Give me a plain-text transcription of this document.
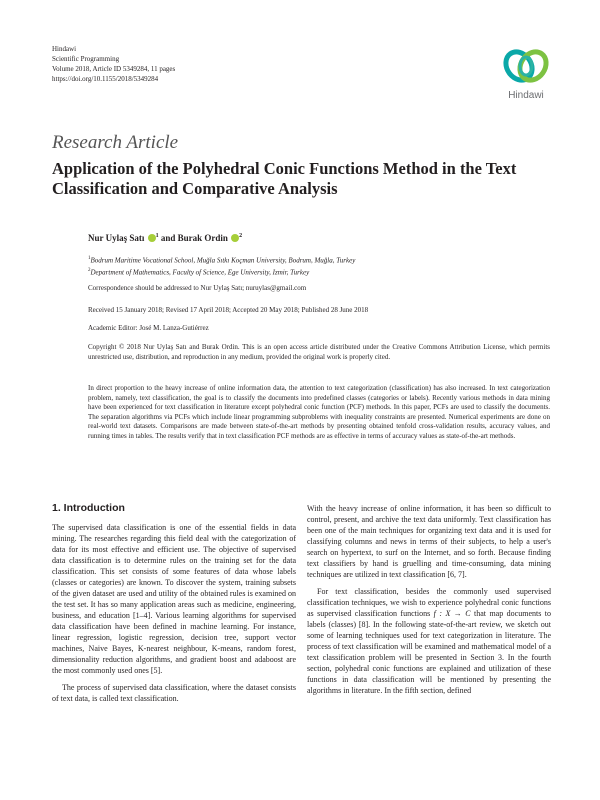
Hindawi
Scientific Programming
Volume 2018, Article ID 5349284, 11 pages
https://doi.org/10.1155/2018/5349284
Hindawi
Research Article
Application of the Polyhedral Conic Functions Method in the Text Classification and Comparative Analysis
Nur Uylaş Satı $^1$ and Burak Ordin $^2$
$^1$Bodrum Maritime Vocational School, Muğla Sıtkı Koçman University, Bodrum, Muğla, Turkey
$^2$Department of Mathematics, Faculty of Science, Ege University, Izmir, Turkey
Correspondence should be addressed to Nur Uylaş Satı; nuruylas@gmail.com
Received 15 January 2018; Revised 17 April 2018; Accepted 20 May 2018; Published 28 June 2018
Academic Editor: José M. Lanza-Gutiérrez
Copyright © 2018 Nur Uylaş Satı and Burak Ordin. This is an open access article distributed under the Creative Commons Attribution License, which permits unrestricted use, distribution, and reproduction in any medium, provided the original work is properly cited.
In direct proportion to the heavy increase of online information data, the attention to text categorization (classification) has also increased. In text categorization problem, namely, text classification, the goal is to classify the documents into predefined classes (categories or labels). Recently various methods in data mining have been experienced for text classification in literature except polyhedral conic function (PCF) methods. In this paper, PCFs are used to classify the documents. The separation algorithms via PCFs which include linear programming subproblems with inequality constraints are presented. Numerical experiments are done on real-world text datasets. Comparisons are made between state-of-the-art methods by presenting obtained tenfold cross-validation results, accuracy values, and running times in tables. The results verify that in text classification PCF methods are as effective in terms of accuracy values as state-of-the-art methods.
1. Introduction

The supervised data classification is one of the essential fields in data mining. The researches regarding this field deal with the categorization of data for its most effective and efficient use. The objective of supervised data classification is to determine rules on the training set for the data classification. This set consists of some features of data whose labels (classes or categories) are known. To discover the system, training subsets of the given dataset are used and utility of the obtained rules is examined on the test set. It has so many application areas such as medicine, engineering, business, and education [1–4]. Various learning algorithms for supervised data classification have been defined in machine learning. For instance, linear regression, logistic regression, decision tree, support vector machines, Naive Bayes, K-nearest neighbour, K-means, random forest, dimensionality reduction algorithms, and gradient boost and adaboost are the most commonly used ones [5].

The process of supervised data classification, where the dataset consists of text data, is called text classification.

With the heavy increase of online information, it has been so difficult to control, present, and archive the text data uniformly. Text classification has been one of the main techniques for organizing text data and it is used for classifying columns and news in terms of their subjects, to help a user's search on hypertext, to surf on the Internet, and so forth. Because finding text classifiers by hand is gruelling and time-consuming, data mining techniques are utilized in text classification [6, 7].

For text classification, besides the commonly used supervised classification techniques, we wish to experience polyhedral conic functions as supervised classification functions f : X → C that map documents to labels (classes) [8]. In the following state-of-the-art review, we sketch out some of learning techniques used for text categorization in literature. The process of text classification will be examined and mathematical model of a text classification problem will be presented in Section 3. In the fourth section, polyhedral conic functions are explained and utilization of these functions in data classification will be mentioned by presenting the algorithms in literature. In the fifth section, defined
